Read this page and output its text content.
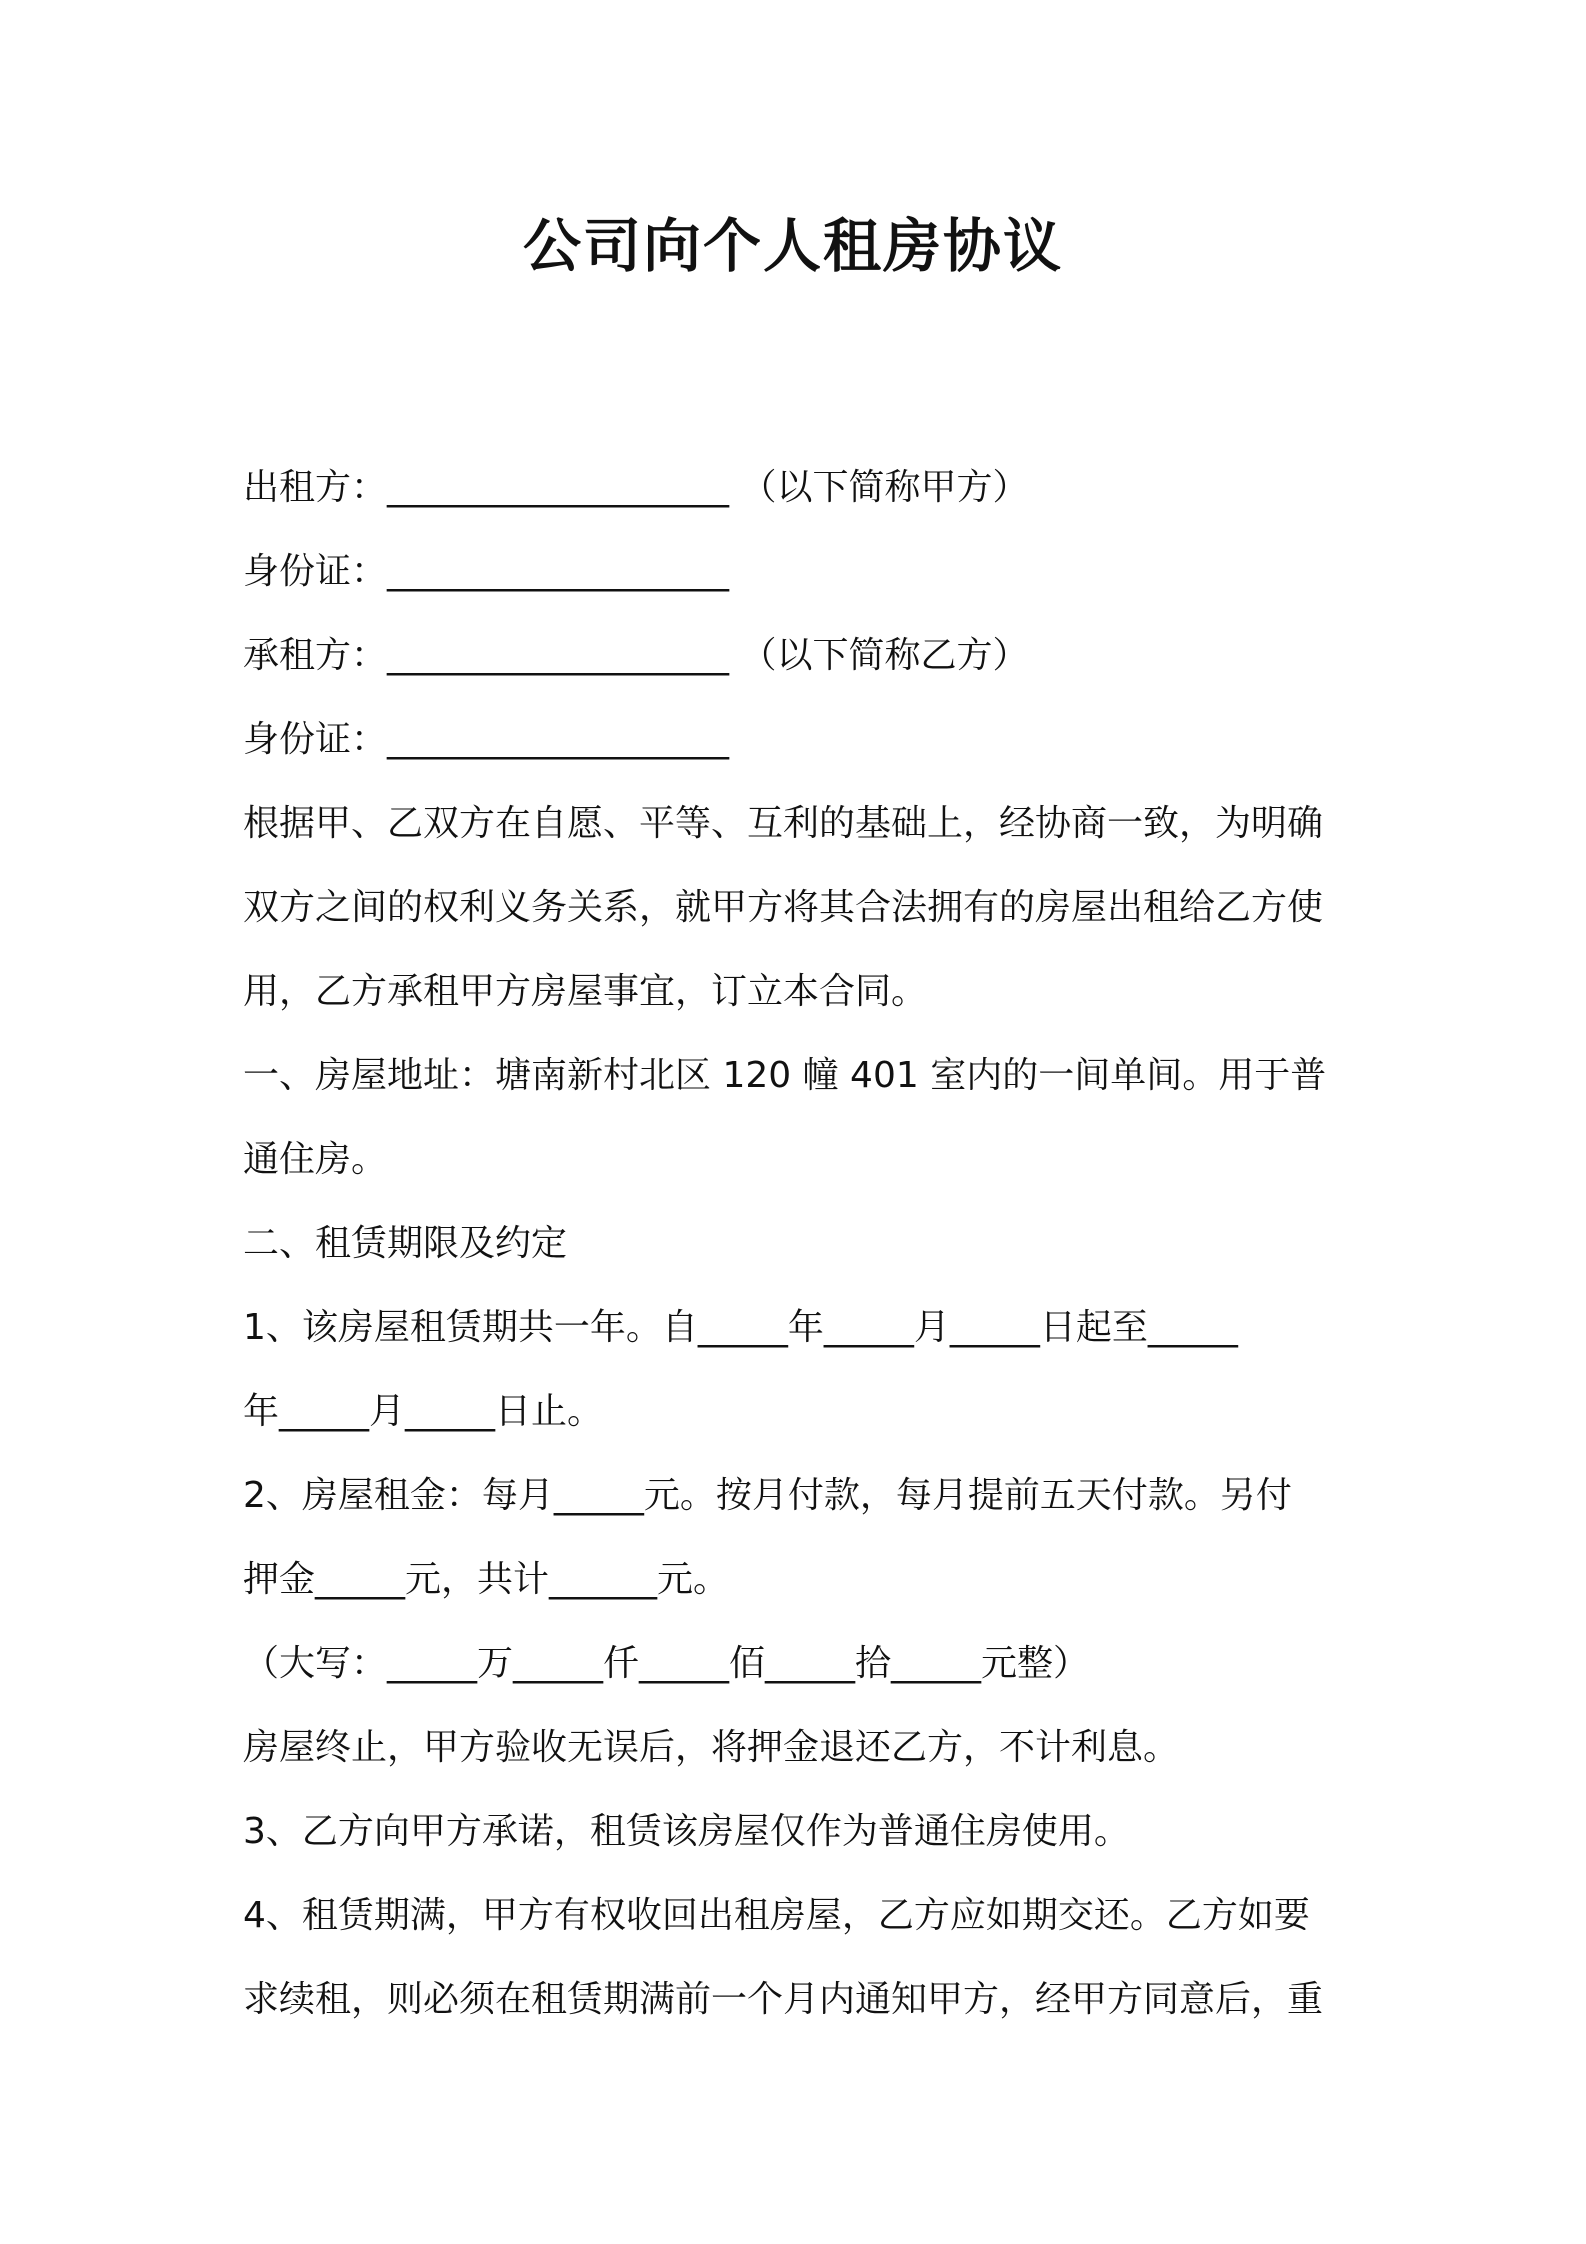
公司向个人租房协议
出租方：___________________ （以下简称甲方）
身份证：___________________
承租方：___________________ （以下简称乙方）
身份证：___________________
根据甲、乙双方在自愿、平等、互利的基础上，经协商一致，为明确
双方之间的权利义务关系，就甲方将其合法拥有的房屋出租给乙方使
用，乙方承租甲方房屋事宜，订立本合同。
一、房屋地址：塘南新村北区 120 幢 401 室内的一间单间。用于普
通住房。
二、租赁期限及约定
1、该房屋租赁期共一年。自_____年_____月_____日起至_____
年_____月_____日止。
2、房屋租金：每月_____元。按月付款，每月提前五天付款。另付
押金_____元，共计______元。
（大写：_____万_____仟_____佰_____拾_____元整）
房屋终止，甲方验收无误后，将押金退还乙方，不计利息。
3、乙方向甲方承诺，租赁该房屋仅作为普通住房使用。
4、租赁期满，甲方有权收回出租房屋，乙方应如期交还。乙方如要
求续租，则必须在租赁期满前一个月内通知甲方，经甲方同意后，重
